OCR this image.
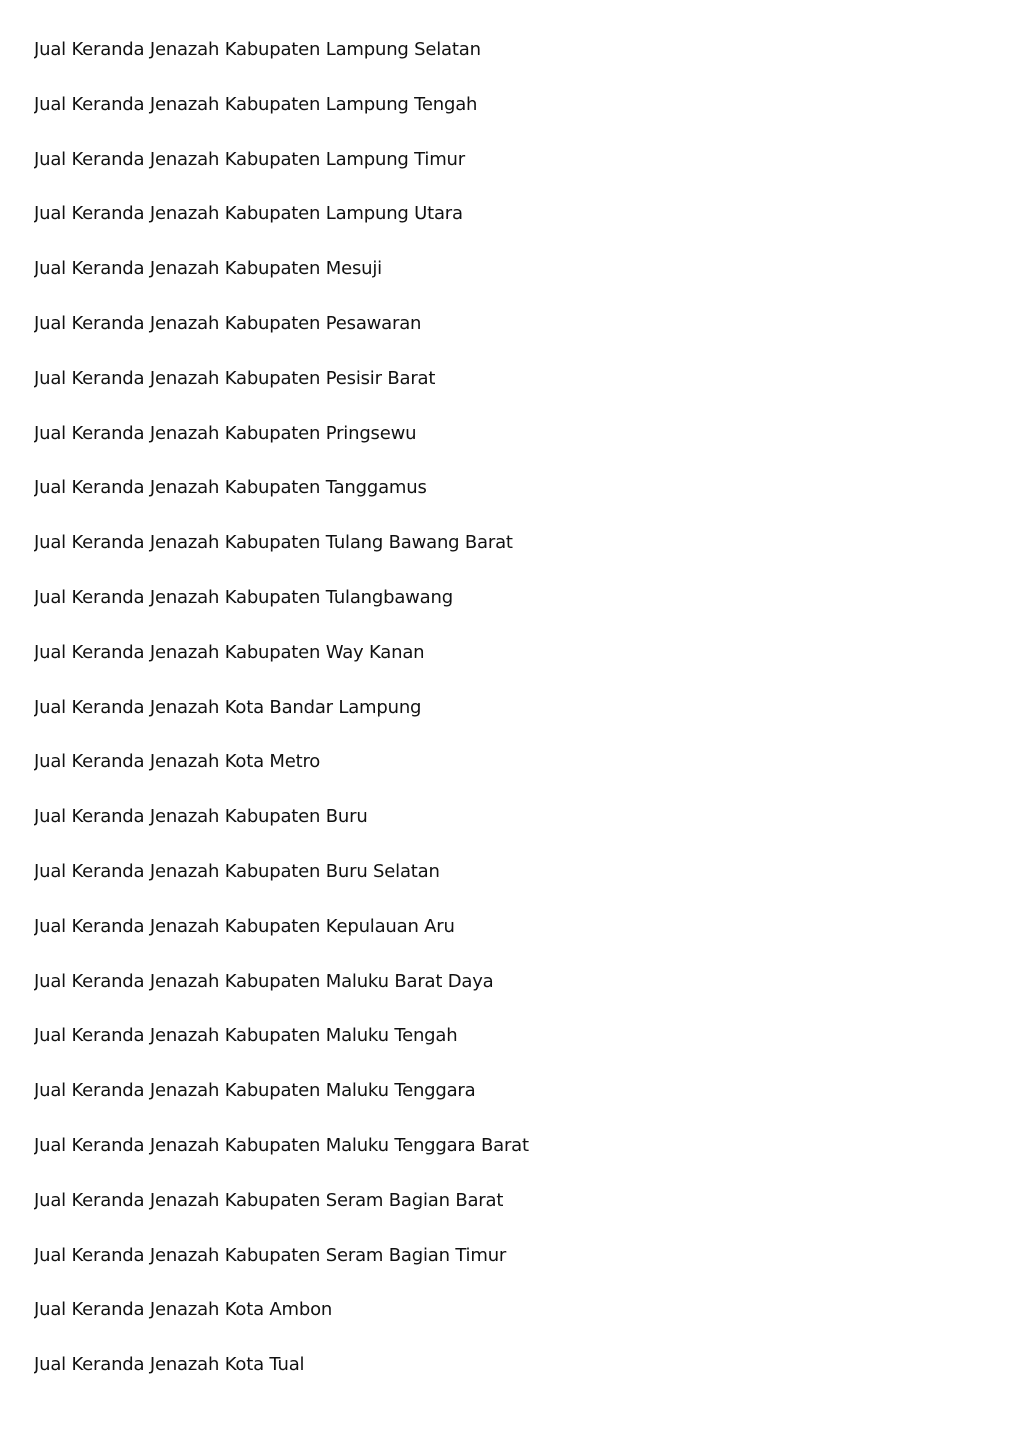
Jual Keranda Jenazah Kabupaten Lampung Selatan
Jual Keranda Jenazah Kabupaten Lampung Tengah
Jual Keranda Jenazah Kabupaten Lampung Timur
Jual Keranda Jenazah Kabupaten Lampung Utara
Jual Keranda Jenazah Kabupaten Mesuji
Jual Keranda Jenazah Kabupaten Pesawaran
Jual Keranda Jenazah Kabupaten Pesisir Barat
Jual Keranda Jenazah Kabupaten Pringsewu
Jual Keranda Jenazah Kabupaten Tanggamus
Jual Keranda Jenazah Kabupaten Tulang Bawang Barat
Jual Keranda Jenazah Kabupaten Tulangbawang
Jual Keranda Jenazah Kabupaten Way Kanan
Jual Keranda Jenazah Kota Bandar Lampung
Jual Keranda Jenazah Kota Metro
Jual Keranda Jenazah Kabupaten Buru
Jual Keranda Jenazah Kabupaten Buru Selatan
Jual Keranda Jenazah Kabupaten Kepulauan Aru
Jual Keranda Jenazah Kabupaten Maluku Barat Daya
Jual Keranda Jenazah Kabupaten Maluku Tengah
Jual Keranda Jenazah Kabupaten Maluku Tenggara
Jual Keranda Jenazah Kabupaten Maluku Tenggara Barat
Jual Keranda Jenazah Kabupaten Seram Bagian Barat
Jual Keranda Jenazah Kabupaten Seram Bagian Timur
Jual Keranda Jenazah Kota Ambon
Jual Keranda Jenazah Kota Tual
